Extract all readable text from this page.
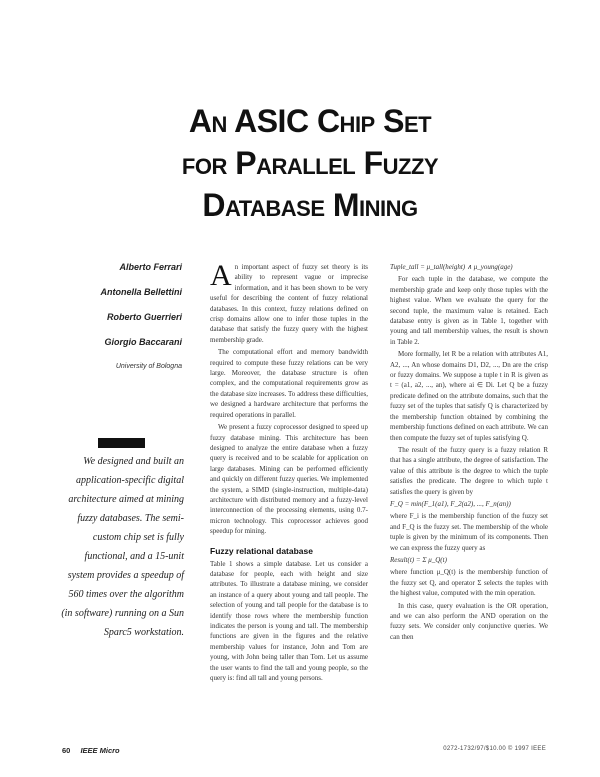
An ASIC Chip Set
for Parallel Fuzzy
Database Mining
Alberto Ferrari
Antonella Bellettini
Roberto Guerrieri
Giorgio Baccarani
University of Bologna
We designed and built an application-specific digital architecture aimed at mining fuzzy databases. The semi-custom chip set is fully functional, and a 15-unit system provides a speedup of 560 times over the algorithm (in software) running on a Sun Sparc5 workstation.

An important aspect of fuzzy set theory is its ability to represent vague or imprecise information, and it has been shown to be very useful for describing the content of fuzzy relational databases. In this context, fuzzy relations defined on crisp domains allow one to infer those tuples in the database that satisfy the fuzzy query with the highest membership grade.

The computational effort and memory bandwidth required to compute these fuzzy relations can be very large. Moreover, the database structure is often complex, and the computational requirements grow as the database size increases. To address these difficulties, we designed a hardware architecture that performs the required operations in parallel.

We present a fuzzy coprocessor designed to speed up fuzzy database mining. This architecture has been designed to analyze the entire database when a fuzzy query is received and to be scalable for application on large databases. Mining can be performed efficiently and quickly on different fuzzy queries. We implemented the system, a SIMD (single-instruction, multiple-data) architecture with distributed memory and a fuzzy-level interconnection of the processing elements, using 0.7-micron technology. This coprocessor achieves good speedup for mining.

Fuzzy relational database

Table 1 shows a simple database. Let us consider a database for people, each with height and size attributes. To illustrate a database mining, we consider an instance of a query about young and tall people. The selection of young and tall people for the database is to identify those rows where the membership function indicates the person is young and tall. The membership functions are given in the figures and the relative membership values for instance, John and Tom are young, with John being taller than Tom. Let us assume the user wants to find the tall and young people, so the query is: find all tall and young persons.

Tuple_tall = μ_tall(height) ∧ μ_young(age)

For each tuple in the database, we compute the membership grade and keep only those tuples with the highest value. When we evaluate the query for the second tuple, the maximum value is retained. Each database entry is given as in Table 1, together with young and tall membership values, the result is shown in Table 2.

More formally, let R be a relation with attributes A1, A2, ..., An whose domains D1, D2, ..., Dn are the crisp or fuzzy domains. We suppose a tuple t in R is given as t = (a1, a2, ..., an), where ai ∈ Di. Let Q be a fuzzy predicate defined on the attribute domains, such that the fuzzy set of the tuples that satisfy Q is characterized by the membership function obtained by combining the membership functions defined on each attribute. We can then compute the fuzzy set of tuples satisfying Q.

The result of the fuzzy query is a fuzzy relation R that has a single attribute, the degree of satisfaction. The value of this attribute is the degree to which the tuple satisfies the predicate. The degree to which tuple t satisfies the query is given by

F_Q = min(F_1(a1), F_2(a2), ..., F_n(an))

where F_i is the membership function of the fuzzy set and F_Q is the fuzzy set. The membership of the whole tuple is given by the minimum of its components. Then we can express the fuzzy query as

Result(t) = Σ μ_Q(t)

where function μ_Q(t) is the membership function of the fuzzy set Q, and operator Σ selects the tuples with the highest value, computed with the min operation.

In this case, query evaluation is the OR operation, and we can also perform the AND operation on the fuzzy sets. We consider only conjunctive queries. We can then

60 IEEE Micro	0272-1732/97/$10.00 © 1997 IEEE
